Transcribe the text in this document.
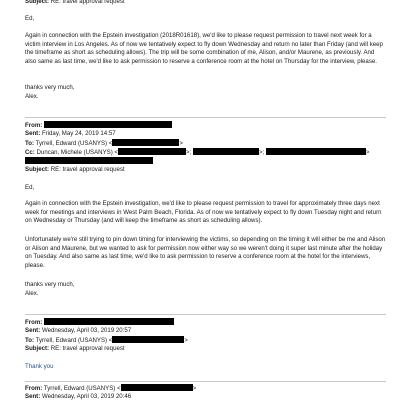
Subject: RE: travel approval request
Ed,
Again in connection with the Epstein investigation (2018R01618), we'd like to please request permission to travel next week for a victim interview in Los Angeles. As of now we tentatively expect to fly down Wednesday and return no later than Friday (and will keep the timeframe as short as scheduling allows). The trip will be some combination of me, Alison, and/or Maurene, as previously. And also same as last time, we'd like to ask permission to reserve a conference room at the hotel on Thursday for the interview, please.
thanks very much,
Alex.
From:
Sent: Friday, May 24, 2019 14:57
To: Tyrrell, Edward (USANYS) <	>
Cc: Duncan, Michele (USANYS) <	>;	>;	>
Subject: RE: travel approval request
Ed,
Again in connection with the Epstein investigation, we'd like to please request permission to travel for approximately three days next week for meetings and interviews in West Palm Beach, Florida. As of now we tentatively expect to fly down Tuesday night and return on Wednesday or Thursday (and will keep the timeframe as short as scheduling allows).
Unfortunately we're still trying to pin down timing for interviewing the victims, so depending on the timing it will either be me and Alison or Alison and Maurene, but we wanted to ask for permission now either way so we weren't doing it super last minute after the holiday on Tuesday. And also same as last time, we'd like to ask permission to reserve a conference room at the hotel for the interviews, please.
thanks very much,
Alex.
From:
Sent: Wednesday, April 03, 2019 20:57
To: Tyrrell, Edward (USANYS) <	>
Subject: RE: travel approval request
Thank you
From: Tyrrell, Edward (USANYS) <	>
Sent: Wednesday, April 03, 2019 20:46
